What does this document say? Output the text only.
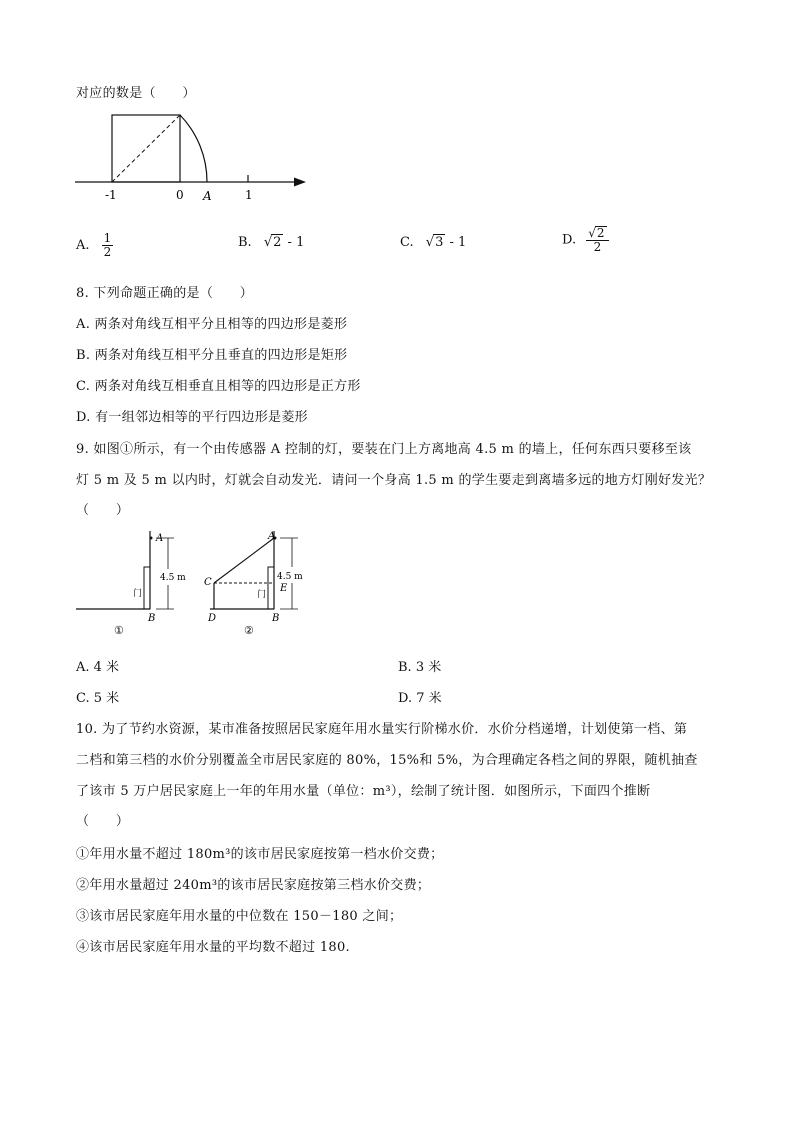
对应的数是（　　）
-1	0 A	1
A. $\frac{1}{2}$	B. √2 - 1	C. √3 - 1	D. $\frac{√2}{2}$
8. 下列命题正确的是（　　）
A. 两条对角线互相平分且相等的四边形是菱形
B. 两条对角线互相平分且垂直的四边形是矩形
C. 两条对角线互相垂直且相等的四边形是正方形
D. 有一组邻边相等的平行四边形是菱形
9. 如图①所示，有一个由传感器 A 控制的灯，要装在门上方离地高 4.5 m 的墙上，任何东西只要移至该
灯 5 m 及 5 m 以内时，灯就会自动发光．请问一个身高 1.5 m 的学生要走到离墙多远的地方灯刚好发光？
（　　）
A
B
4.5 m
门
①
A
B
C
D
E
4.5 m
门
②
A. 4 米	B. 3 米
C. 5 米	D. 7 米
10. 为了节约水资源，某市准备按照居民家庭年用水量实行阶梯水价．水价分档递增，计划使第一档、第
二档和第三档的水价分别覆盖全市居民家庭的 80%，15%和 5%，为合理确定各档之间的界限，随机抽查
了该市 5 万户居民家庭上一年的年用水量（单位：m³），绘制了统计图．如图所示，下面四个推断
（　　）
①年用水量不超过 180m³的该市居民家庭按第一档水价交费；
②年用水量超过 240m³的该市居民家庭按第三档水价交费；
③该市居民家庭年用水量的中位数在 150－180 之间；
④该市居民家庭年用水量的平均数不超过 180.
